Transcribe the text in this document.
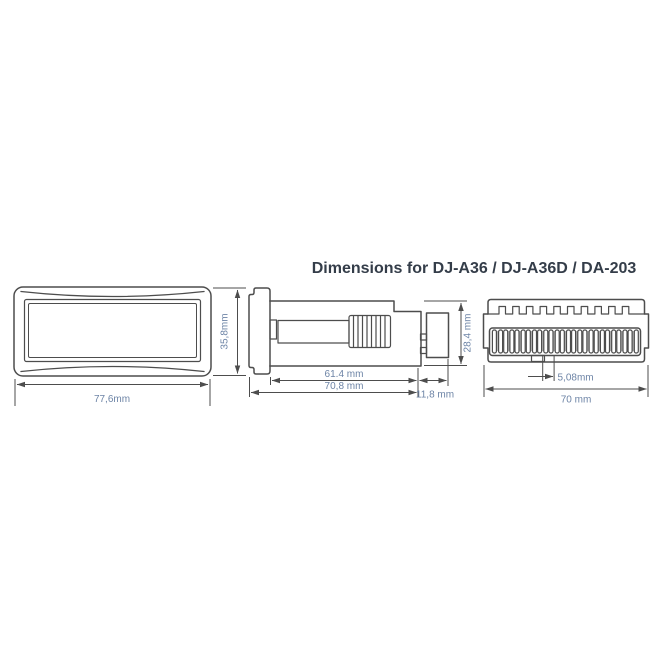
Dimensions for DJ-A36 / DJ-A36D / DA-203
77,6mm
35,8mm	28,4 mm
61.4 mm
70,8 mm
11,8 mm
5,08mm
70 mm
